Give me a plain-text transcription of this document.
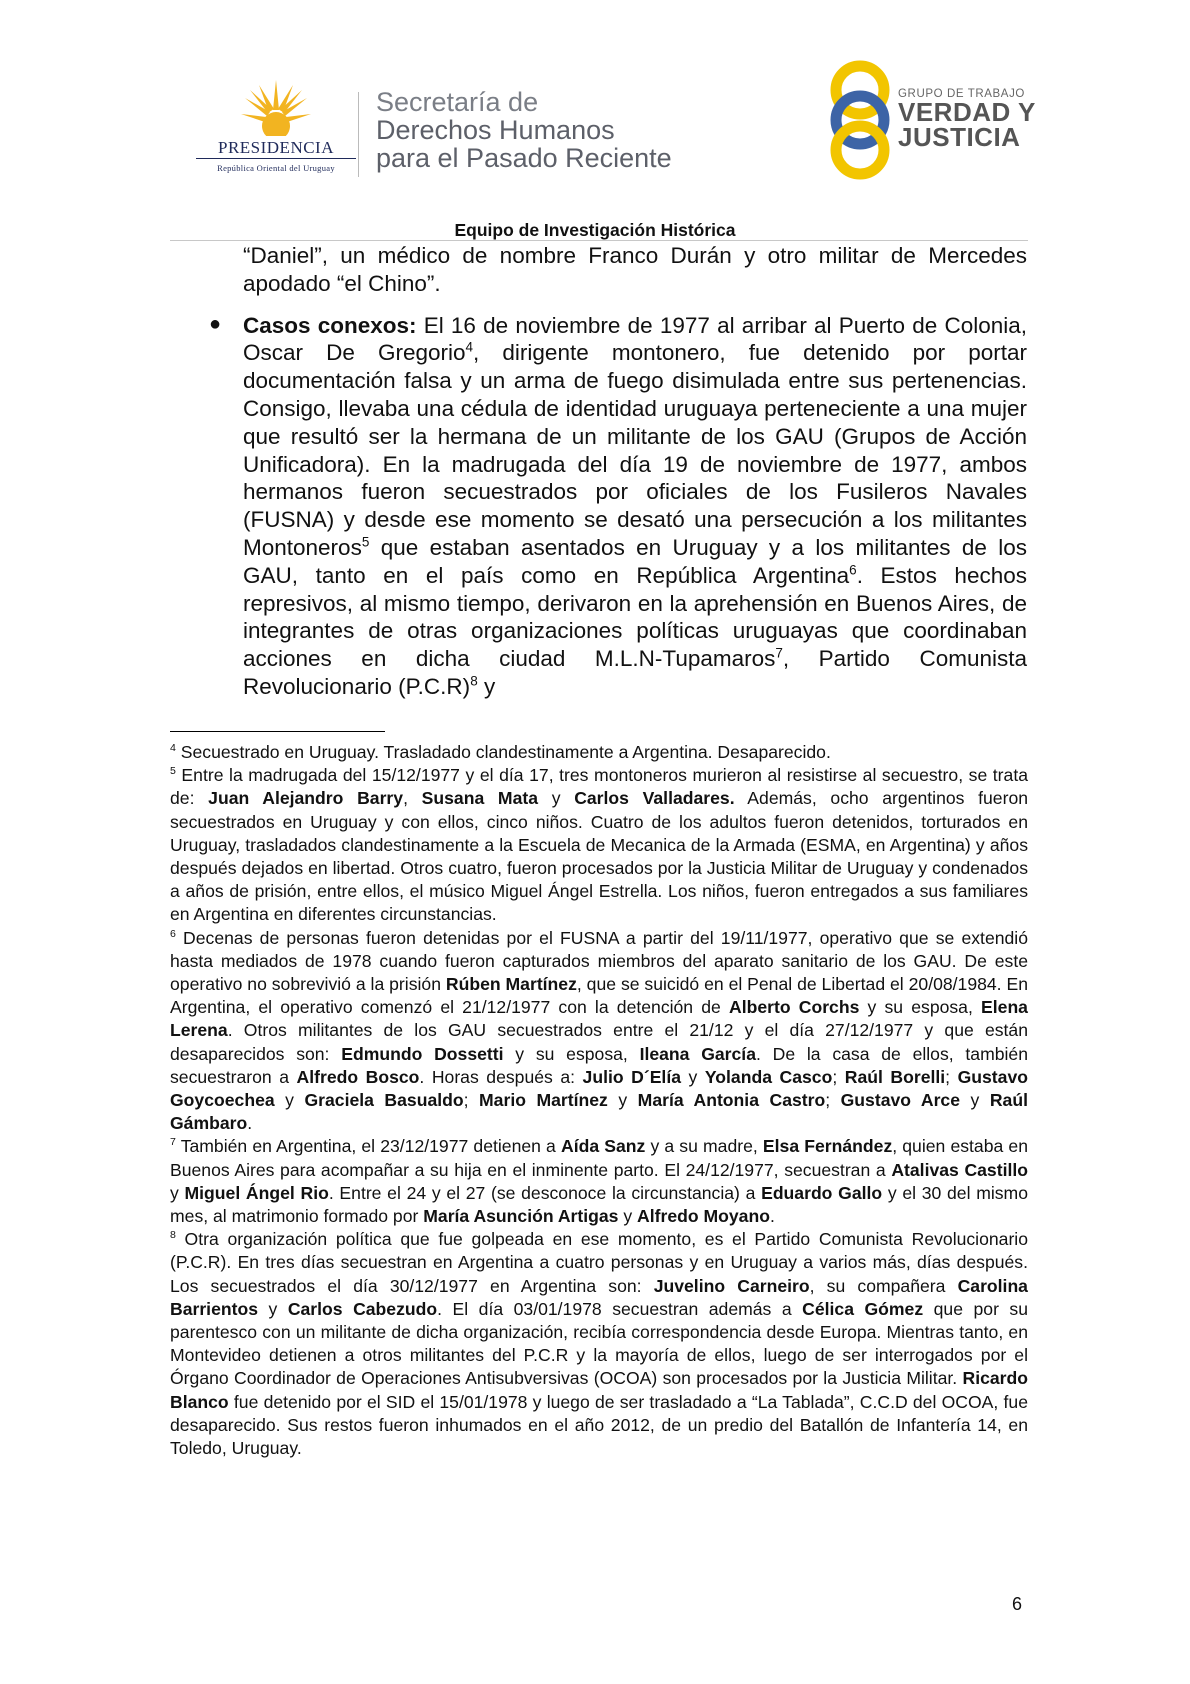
PRESIDENCIA
República Oriental del Uruguay
Secretaría de
Derechos Humanos
para el Pasado Reciente
GRUPO DE TRABAJO
VERDAD Y
JUSTICIA
Equipo de Investigación Histórica

“Daniel”, un médico de nombre Franco Durán y otro militar de Mercedes apodado “el Chino”.

● Casos conexos: El 16 de noviembre de 1977 al arribar al Puerto de Colonia, Oscar De Gregorio$^4$, dirigente montonero, fue detenido por portar documentación falsa y un arma de fuego disimulada entre sus pertenencias. Consigo, llevaba una cédula de identidad uruguaya perteneciente a una mujer que resultó ser la hermana de un militante de los GAU (Grupos de Acción Unificadora). En la madrugada del día 19 de noviembre de 1977, ambos hermanos fueron secuestrados por oficiales de los Fusileros Navales (FUSNA) y desde ese momento se desató una persecución a los militantes Montoneros$^5$ que estaban asentados en Uruguay y a los militantes de los GAU, tanto en el país como en República Argentina$^6$. Estos hechos represivos, al mismo tiempo, derivaron en la aprehensión en Buenos Aires, de integrantes de otras organizaciones políticas uruguayas que coordinaban acciones en dicha ciudad M.L.N-Tupamaros$^7$, Partido Comunista Revolucionario $(P.C.R)^8$ y

$^4$ Secuestrado en Uruguay. Trasladado clandestinamente a Argentina. Desaparecido.

$^5$ Entre la madrugada del 15/12/1977 y el día 17, tres montoneros murieron al resistirse al secuestro, se trata de: Juan Alejandro Barry, Susana Mata y Carlos Valladares. Además, ocho argentinos fueron secuestrados en Uruguay y con ellos, cinco niños. Cuatro de los adultos fueron detenidos, torturados en Uruguay, trasladados clandestinamente a la Escuela de Mecanica de la Armada (ESMA, en Argentina) y años después dejados en libertad. Otros cuatro, fueron procesados por la Justicia Militar de Uruguay y condenados a años de prisión, entre ellos, el músico Miguel Ángel Estrella. Los niños, fueron entregados a sus familiares en Argentina en diferentes circunstancias.

$^6$ Decenas de personas fueron detenidas por el FUSNA a partir del 19/11/1977, operativo que se extendió hasta mediados de 1978 cuando fueron capturados miembros del aparato sanitario de los GAU. De este operativo no sobrevivió a la prisión Rúben Martínez, que se suicidó en el Penal de Libertad el 20/08/1984. En Argentina, el operativo comenzó el 21/12/1977 con la detención de Alberto Corchs y su esposa, Elena Lerena. Otros militantes de los GAU secuestrados entre el 21/12 y el día 27/12/1977 y que están desaparecidos son: Edmundo Dossetti y su esposa, Ileana García. De la casa de ellos, también secuestraron a Alfredo Bosco. Horas después a: Julio D´Elía y Yolanda Casco; Raúl Borelli; Gustavo Goycoechea y Graciela Basualdo; Mario Martínez y María Antonia Castro; Gustavo Arce y Raúl Gámbaro.

$^7$ También en Argentina, el 23/12/1977 detienen a Aída Sanz y a su madre, Elsa Fernández, quien estaba en Buenos Aires para acompañar a su hija en el inminente parto. El 24/12/1977, secuestran a Atalivas Castillo y Miguel Ángel Rio. Entre el 24 y el 27 (se desconoce la circunstancia) a Eduardo Gallo y el 30 del mismo mes, al matrimonio formado por María Asunción Artigas y Alfredo Moyano.

$^8$ Otra organización política que fue golpeada en ese momento, es el Partido Comunista Revolucionario (P.C.R). En tres días secuestran en Argentina a cuatro personas y en Uruguay a varios más, días después. Los secuestrados el día 30/12/1977 en Argentina son: Juvelino Carneiro, su compañera Carolina Barrientos y Carlos Cabezudo. El día 03/01/1978 secuestran además a Célica Gómez que por su parentesco con un militante de dicha organización, recibía correspondencia desde Europa. Mientras tanto, en Montevideo detienen a otros militantes del P.C.R y la mayoría de ellos, luego de ser interrogados por el Órgano Coordinador de Operaciones Antisubversivas (OCOA) son procesados por la Justicia Militar. Ricardo Blanco fue detenido por el SID el 15/01/1978 y luego de ser trasladado a “La Tablada”, C.C.D del OCOA, fue desaparecido. Sus restos fueron inhumados en el año 2012, de un predio del Batallón de Infantería 14, en Toledo, Uruguay.

6
